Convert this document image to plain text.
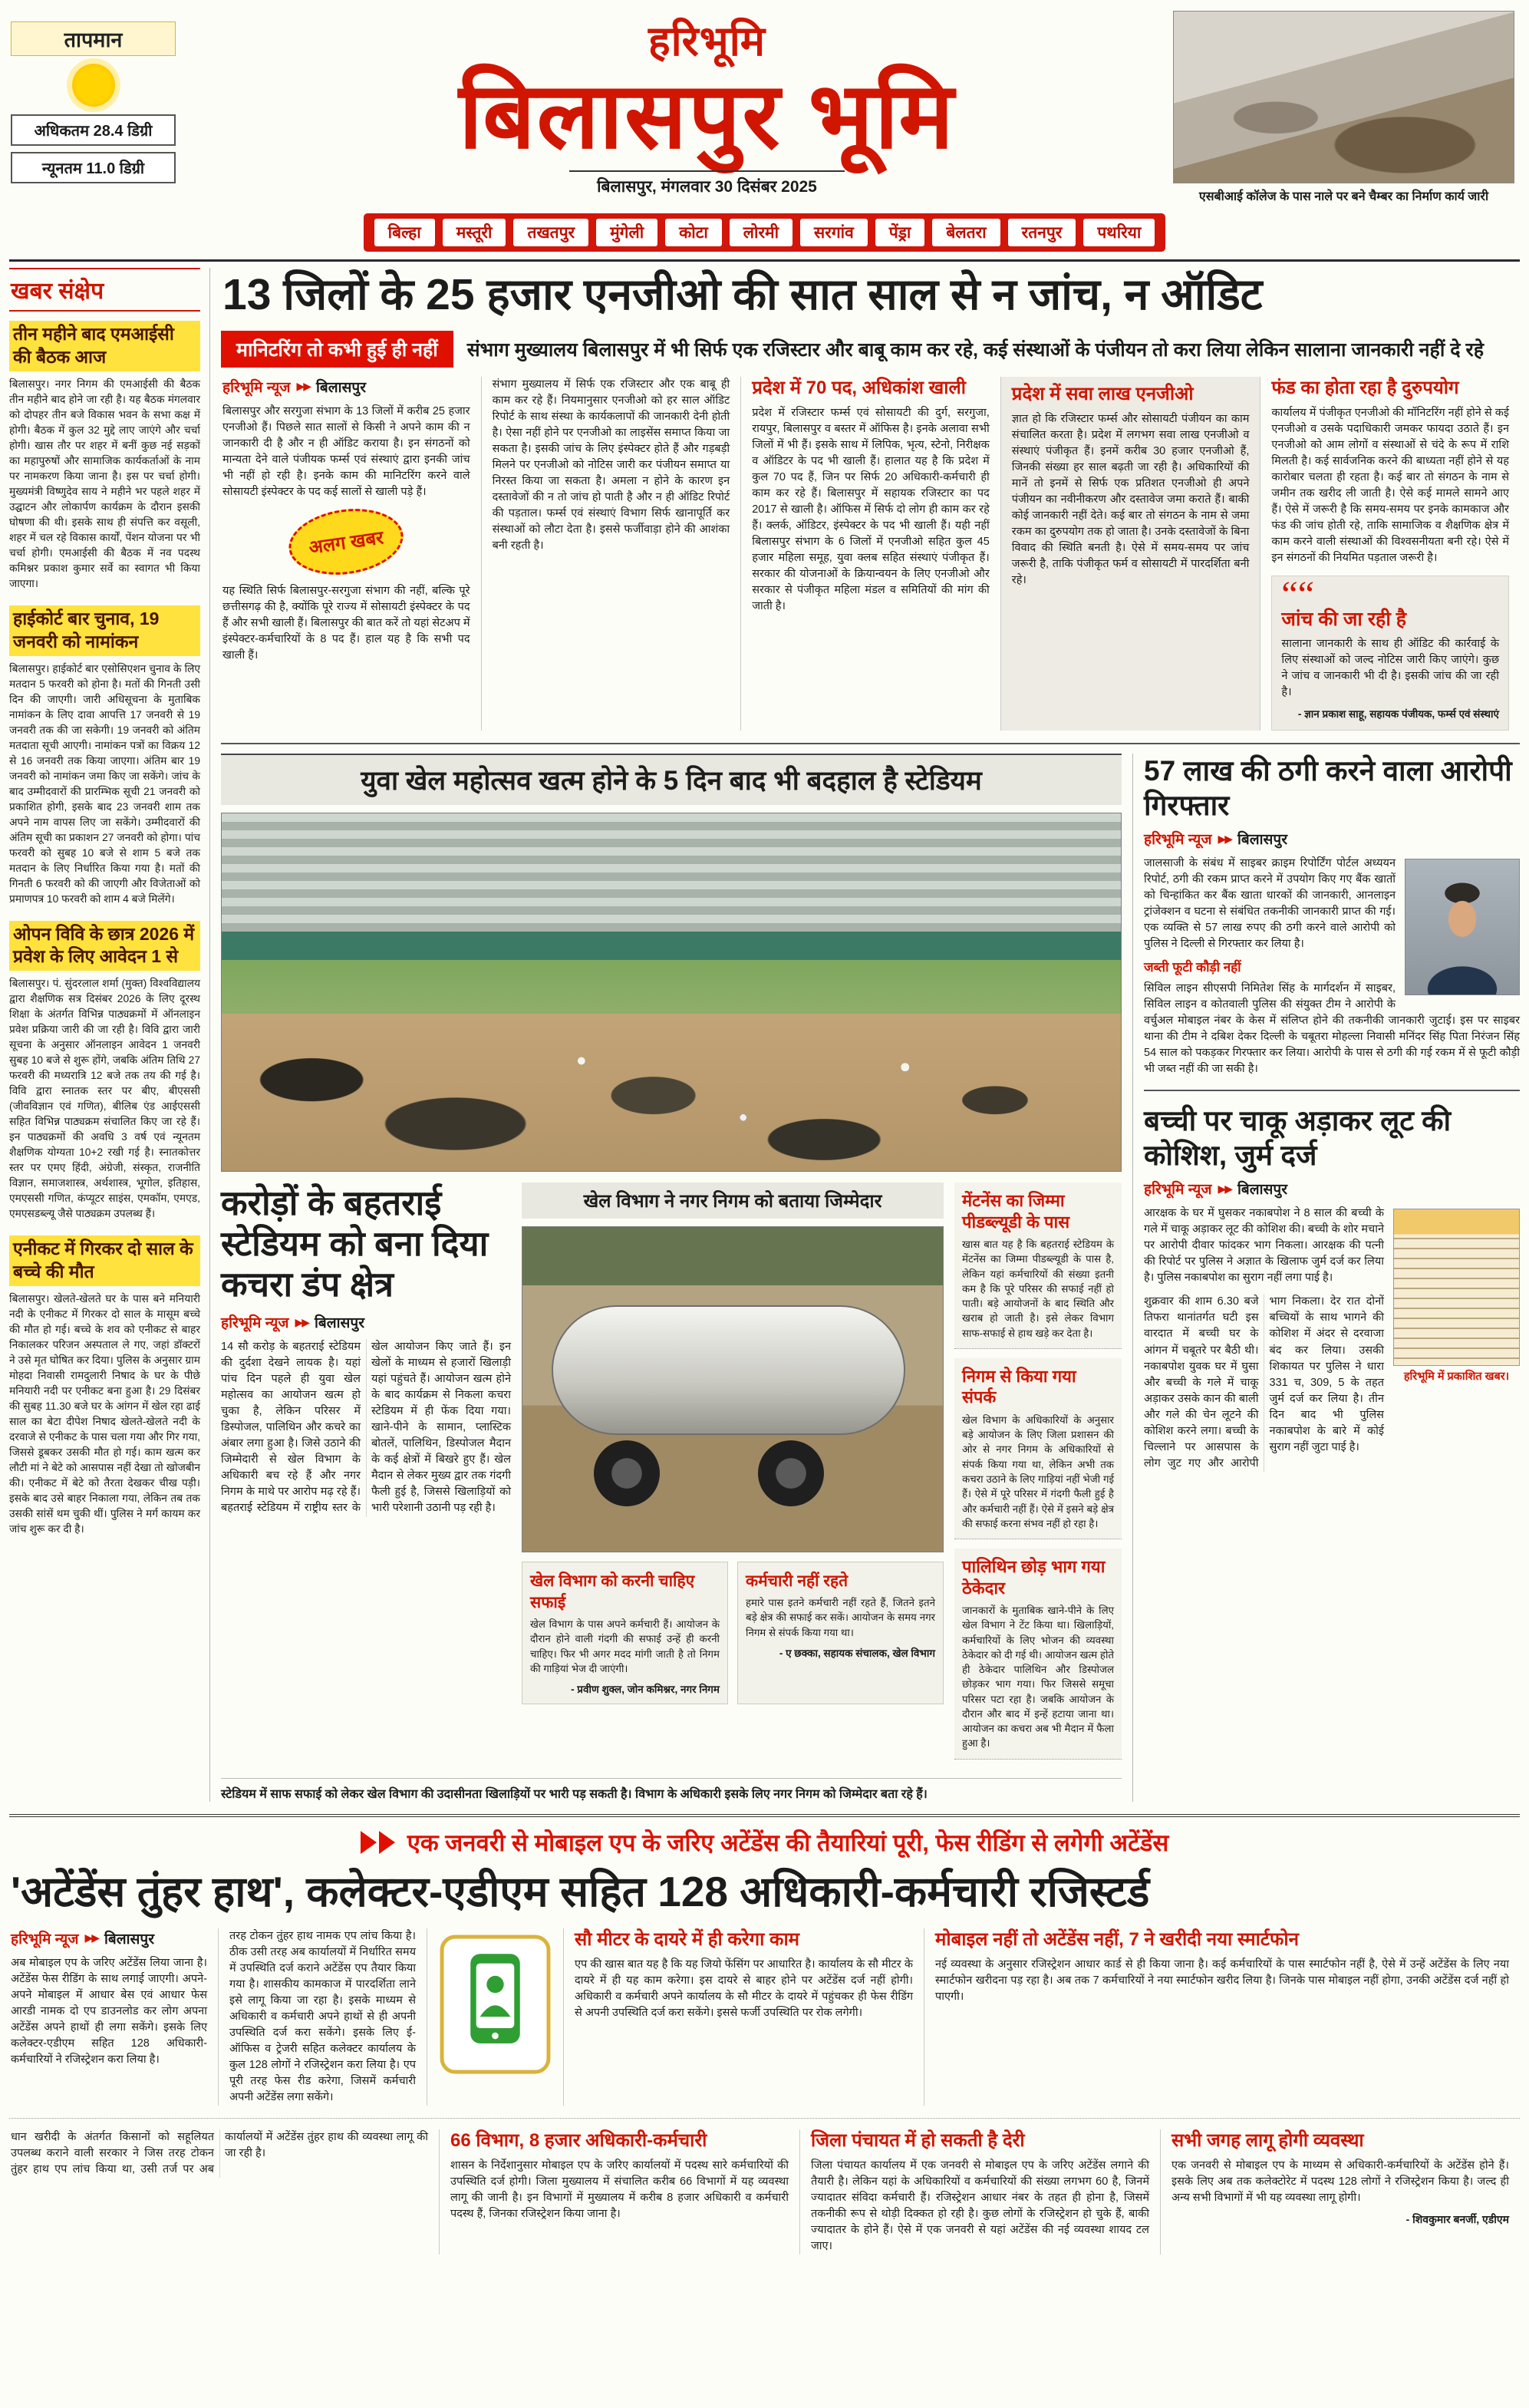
तापमान
अधिकतम 28.4 डिग्री
न्यूनतम 11.0 डिग्री
हरिभूमि
बिलासपुर भूमि
बिलासपुर, मंगलवार 30 दिसंबर 2025
एसबीआई कॉलेज के पास नाले पर बने चैम्बर का निर्माण कार्य जारी
बिल्हा	मस्तूरी	तखतपुर	मुंगेली	कोटा	लोरमी	सरगांव	पेंड्रा	बेलतरा	रतनपुर	पथरिया
खबर संक्षेप
तीन महीने बाद एमआईसी की बैठक आज

बिलासपुर। नगर निगम की एमआईसी की बैठक तीन महीने बाद होने जा रही है। यह बैठक मंगलवार को दोपहर तीन बजे विकास भवन के सभा कक्ष में होगी। बैठक में कुल 32 मुद्दे लाए जाएंगे और चर्चा होगी। खास तौर पर शहर में बनीं कुछ नई सड़कों का महापुरुषों और सामाजिक कार्यकर्ताओं के नाम पर नामकरण किया जाना है। इस पर चर्चा होगी। मुख्यमंत्री विष्णुदेव साय ने महीने भर पहले शहर में उद्घाटन और लोकार्पण कार्यक्रम के दौरान इसकी घोषणा की थी। इसके साथ ही संपत्ति कर वसूली, शहर में चल रहे विकास कार्यों, पेंशन योजना पर भी चर्चा होगी। एमआईसी की बैठक में नव पदस्थ कमिश्नर प्रकाश कुमार सर्वे का स्वागत भी किया जाएगा।

हाईकोर्ट बार चुनाव, 19 जनवरी को नामांकन

बिलासपुर। हाईकोर्ट बार एसोसिएशन चुनाव के लिए मतदान 5 फरवरी को होना है। मतों की गिनती उसी दिन की जाएगी। जारी अधिसूचना के मुताबिक नामांकन के लिए दावा आपत्ति 17 जनवरी से 19 जनवरी तक की जा सकेगी। 19 जनवरी को अंतिम मतदाता सूची आएगी। नामांकन पत्रों का विक्रय 12 से 16 जनवरी तक किया जाएगा। अंतिम बार 19 जनवरी को नामांकन जमा किए जा सकेंगे। जांच के बाद उम्मीदवारों की प्रारम्भिक सूची 21 जनवरी को प्रकाशित होगी, इसके बाद 23 जनवरी शाम तक अपने नाम वापस लिए जा सकेंगे। उम्मीदवारों की अंतिम सूची का प्रकाशन 27 जनवरी को होगा। पांच फरवरी को सुबह 10 बजे से शाम 5 बजे तक मतदान के लिए निर्धारित किया गया है। मतों की गिनती 6 फरवरी को की जाएगी और विजेताओं को प्रमाणपत्र 10 फरवरी को शाम 4 बजे मिलेंगे।

ओपन विवि के छात्र 2026 में प्रवेश के लिए आवेदन 1 से

बिलासपुर। पं. सुंदरलाल शर्मा (मुक्त) विश्वविद्यालय द्वारा शैक्षणिक सत्र दिसंबर 2026 के लिए दूरस्थ शिक्षा के अंतर्गत विभिन्न पाठ्यक्रमों में ऑनलाइन प्रवेश प्रक्रिया जारी की जा रही है। विवि द्वारा जारी सूचना के अनुसार ऑनलाइन आवेदन 1 जनवरी सुबह 10 बजे से शुरू होंगे, जबकि अंतिम तिथि 27 फरवरी की मध्यरात्रि 12 बजे तक तय की गई है। विवि द्वारा स्नातक स्तर पर बीए, बीएससी (जीवविज्ञान एवं गणित), बीलिब एंड आईएससी सहित विभिन्न पाठ्यक्रम संचालित किए जा रहे हैं। इन पाठ्यक्रमों की अवधि 3 वर्ष एवं न्यूनतम शैक्षणिक योग्यता 10+2 रखी गई है। स्नातकोत्तर स्तर पर एमए हिंदी, अंग्रेजी, संस्कृत, राजनीति विज्ञान, समाजशास्त्र, अर्थशास्त्र, भूगोल, इतिहास, एमएससी गणित, कंप्यूटर साइंस, एमकॉम, एमएड, एमएसडब्ल्यू जैसे पाठ्यक्रम उपलब्ध हैं।

एनीकट में गिरकर दो साल के बच्चे की मौत

बिलासपुर। खेलते-खेलते घर के पास बने मनियारी नदी के एनीकट में गिरकर दो साल के मासूम बच्चे की मौत हो गई। बच्चे के शव को एनीकट से बाहर निकालकर परिजन अस्पताल ले गए, जहां डॉक्टरों ने उसे मृत घोषित कर दिया। पुलिस के अनुसार ग्राम मोहदा निवासी रामदुलारी निषाद के घर के पीछे मनियारी नदी पर एनीकट बना हुआ है। 29 दिसंबर की सुबह 11.30 बजे घर के आंगन में खेल रहा ढाई साल का बेटा दीपेश निषाद खेलते-खेलते नदी के दरवाजे से एनीकट के पास चला गया और गिर गया, जिससे डूबकर उसकी मौत हो गई। काम खत्म कर लौटी मां ने बेटे को आसपास नहीं देखा तो खोजबीन की। एनीकट में बेटे को तैरता देखकर चीख पड़ी। इसके बाद उसे बाहर निकाला गया, लेकिन तब तक उसकी सांसें थम चुकी थीं। पुलिस ने मर्ग कायम कर जांच शुरू कर दी है।

13 जिलों के 25 हजार एनजीओ की सात साल से न जांच, न ऑडिट
मानिटरिंग तो कभी हुई ही नहीं	संभाग मुख्यालय बिलासपुर में भी सिर्फ एक रजिस्टार और बाबू काम कर रहे, कई संस्थाओं के पंजीयन तो करा लिया लेकिन सालाना जानकारी नहीं दे रहे
हरिभूमि न्यूज ▶▶ बिलासपुर

बिलासपुर और सरगुजा संभाग के 13 जिलों में करीब 25 हजार एनजीओ हैं। पिछले सात सालों से किसी ने अपने काम की न जानकारी दी है और न ही ऑडिट कराया है। इन संगठनों को मान्यता देने वाले पंजीयक फर्म्स एवं संस्थाएं द्वारा इनकी जांच भी नहीं हो रही है। इनके काम की मानिटरिंग करने वाले सोसायटी इंस्पेक्टर के पद कई सालों से खाली पड़े हैं।

अलग खबर

यह स्थिति सिर्फ बिलासपुर-सरगुजा संभाग की नहीं, बल्कि पूरे छत्तीसगढ़ की है, क्योंकि पूरे राज्य में सोसायटी इंस्पेक्टर के पद हैं और सभी खाली हैं। बिलासपुर की बात करें तो यहां सेटअप में इंस्पेक्टर-कर्मचारियों के 8 पद हैं। हाल यह है कि सभी पद खाली हैं।

संभाग मुख्यालय में सिर्फ एक रजिस्टार और एक बाबू ही काम कर रहे हैं। नियमानुसार एनजीओ को हर साल ऑडिट रिपोर्ट के साथ संस्था के कार्यकलापों की जानकारी देनी होती है। ऐसा नहीं होने पर एनजीओ का लाइसेंस समाप्त किया जा सकता है। इसकी जांच के लिए इंस्पेक्टर होते हैं और गड़बड़ी मिलने पर एनजीओ को नोटिस जारी कर पंजीयन समाप्त या निरस्त किया जा सकता है। अमला न होने के कारण इन दस्तावेजों की न तो जांच हो पाती है और न ही ऑडिट रिपोर्ट की पड़ताल। फर्म्स एवं संस्थाएं विभाग सिर्फ खानापूर्ति कर संस्थाओं को लौटा देता है। इससे फर्जीवाड़ा होने की आशंका बनी रहती है।

प्रदेश में 70 पद, अधिकांश खाली

प्रदेश में रजिस्टार फर्म्स एवं सोसायटी की दुर्ग, सरगुजा, रायपुर, बिलासपुर व बस्तर में ऑफिस है। इनके अलावा सभी जिलों में भी हैं। इसके साथ में लिपिक, भृत्य, स्टेनो, निरीक्षक व ऑडिटर के पद भी खाली हैं। हालात यह है कि प्रदेश में कुल 70 पद हैं, जिन पर सिर्फ 20 अधिकारी-कर्मचारी ही काम कर रहे हैं। बिलासपुर में सहायक रजिस्टार का पद 2017 से खाली है। ऑफिस में सिर्फ दो लोग ही काम कर रहे हैं। क्लर्क, ऑडिटर, इंस्पेक्टर के पद भी खाली हैं। यही नहीं बिलासपुर संभाग के 6 जिलों में एनजीओ सहित कुल 45 हजार महिला समूह, युवा क्लब सहित संस्थाएं पंजीकृत हैं। सरकार की योजनाओं के क्रियान्वयन के लिए एनजीओ और सरकार से पंजीकृत महिला मंडल व समितियों की मांग की जाती है।

प्रदेश में सवा लाख एनजीओ

ज्ञात हो कि रजिस्टार फर्म्स और सोसायटी पंजीयन का काम संचालित करता है। प्रदेश में लगभग सवा लाख एनजीओ व संस्थाएं पंजीकृत हैं। इनमें करीब 30 हजार एनजीओ हैं, जिनकी संख्या हर साल बढ़ती जा रही है। अधिकारियों की मानें तो इनमें से सिर्फ एक प्रतिशत एनजीओ ही अपने पंजीयन का नवीनीकरण और दस्तावेज जमा कराते हैं। बाकी कोई जानकारी नहीं देते। कई बार तो संगठन के नाम से जमा रकम का दुरुपयोग तक हो जाता है। उनके दस्तावेजों के बिना विवाद की स्थिति बनती है। ऐसे में समय-समय पर जांच जरूरी है, ताकि पंजीकृत फर्म व सोसायटी में पारदर्शिता बनी रहे।

फंड का होता रहा है दुरुपयोग

कार्यालय में पंजीकृत एनजीओ की मॉनिटरिंग नहीं होने से कई एनजीओ व उसके पदाधिकारी जमकर फायदा उठाते हैं। इन एनजीओ को आम लोगों व संस्थाओं से चंदे के रूप में राशि मिलती है। कई सार्वजनिक करने की बाध्यता नहीं होने से यह कारोबार चलता ही रहता है। कई बार तो संगठन के नाम से जमीन तक खरीद ली जाती है। ऐसे कई मामले सामने आए हैं। ऐसे में जरूरी है कि समय-समय पर इनके कामकाज और फंड की जांच होती रहे, ताकि सामाजिक व शैक्षणिक क्षेत्र में काम करने वाली संस्थाओं की विश्वसनीयता बनी रहे। ऐसे में इन संगठनों की नियमित पड़ताल जरूरी है।

““
जांच की जा रही है

सालाना जानकारी के साथ ही ऑडिट की कार्रवाई के लिए संस्थाओं को जल्द नोटिस जारी किए जाएंगे। कुछ ने जांच व जानकारी भी दी है। इसकी जांच की जा रही है।

- ज्ञान प्रकाश साहू, सहायक पंजीयक, फर्म्स एवं संस्थाएं
युवा खेल महोत्सव खत्म होने के 5 दिन बाद भी बदहाल है स्टेडियम
करोड़ों के बहतराई स्टेडियम को बना दिया कचरा डंप क्षेत्र
हरिभूमि न्यूज ▶▶ बिलासपुर

14 सौ करोड़ के बहतराई स्टेडियम की दुर्दशा देखने लायक है। यहां पांच दिन पहले ही युवा खेल महोत्सव का आयोजन खत्म हो चुका है, लेकिन परिसर में डिस्पोजल, पालिथिन और कचरे का अंबार लगा हुआ है। जिसे उठाने की जिम्मेदारी से खेल विभाग के अधिकारी बच रहे हैं और नगर निगम के माथे पर आरोप मढ़ रहे हैं। बहतराई स्टेडियम में राष्ट्रीय स्तर के खेल आयोजन किए जाते हैं। इन खेलों के माध्यम से हजारों खिलाड़ी यहां पहुंचते हैं। आयोजन खत्म होने के बाद कार्यक्रम से निकला कचरा स्टेडियम में ही फेंक दिया गया। खाने-पीने के सामान, प्लास्टिक बोतलें, पालिथिन, डिस्पोजल मैदान के कई क्षेत्रों में बिखरे हुए हैं। खेल मैदान से लेकर मुख्य द्वार तक गंदगी फैली हुई है, जिससे खिलाड़ियों को भारी परेशानी उठानी पड़ रही है।

खेल विभाग ने नगर निगम को बताया जिम्मेदार
खेल विभाग को करनी चाहिए सफाई

खेल विभाग के पास अपने कर्मचारी हैं। आयोजन के दौरान होने वाली गंदगी की सफाई उन्हें ही करनी चाहिए। फिर भी अगर मदद मांगी जाती है तो निगम की गाड़ियां भेज दी जाएंगी।

- प्रवीण शुक्ल, जोन कमिश्नर, नगर निगम
कर्मचारी नहीं रहते

हमारे पास इतने कर्मचारी नहीं रहते हैं, जितने इतने बड़े क्षेत्र की सफाई कर सकें। आयोजन के समय नगर निगम से संपर्क किया गया था।

- ए छक्का, सहायक संचालक, खेल विभाग
मेंटनेंस का जिम्मा पीडब्ल्यूडी के पास

खास बात यह है कि बहतराई स्टेडियम के मेंटनेंस का जिम्मा पीडब्ल्यूडी के पास है, लेकिन यहां कर्मचारियों की संख्या इतनी कम है कि पूरे परिसर की सफाई नहीं हो पाती। बड़े आयोजनों के बाद स्थिति और खराब हो जाती है। इसे लेकर विभाग साफ-सफाई से हाथ खड़े कर देता है।

निगम से किया गया संपर्क

खेल विभाग के अधिकारियों के अनुसार बड़े आयोजन के लिए जिला प्रशासन की ओर से नगर निगम के अधिकारियों से संपर्क किया गया था, लेकिन अभी तक कचरा उठाने के लिए गाड़ियां नहीं भेजी गई हैं। ऐसे में पूरे परिसर में गंदगी फैली हुई है और कर्मचारी नहीं हैं। ऐसे में इसने बड़े क्षेत्र की सफाई करना संभव नहीं हो रहा है।

पालिथिन छोड़ भाग गया ठेकेदार

जानकारों के मुताबिक खाने-पीने के लिए खेल विभाग ने टेंट किया था। खिलाड़ियों, कर्मचारियों के लिए भोजन की व्यवस्था ठेकेदार को दी गई थी। आयोजन खत्म होते ही ठेकेदार पालिथिन और डिस्पोजल छोड़कर भाग गया। फिर जिससे समूचा परिसर पटा रहा है। जबकि आयोजन के दौरान और बाद में इन्हें हटाया जाना था। आयोजन का कचरा अब भी मैदान में फैला हुआ है।

स्टेडियम में साफ सफाई को लेकर खेल विभाग की उदासीनता खिलाड़ियों पर भारी पड़ सकती है। विभाग के अधिकारी इसके लिए नगर निगम को जिम्मेदार बता रहे हैं।

57 लाख की ठगी करने वाला आरोपी गिरफ्तार
हरिभूमि न्यूज ▶▶ बिलासपुर
जालसाजी के संबंध में साइबर क्राइम रिपोर्टिंग पोर्टल अध्ययन रिपोर्ट, ठगी की रकम प्राप्त करने में उपयोग किए गए बैंक खातों को चिन्हांकित कर बैंक खाता धारकों की जानकारी, आनलाइन ट्रांजेक्शन व घटना से संबंधित तकनीकी जानकारी प्राप्त की गई। एक व्यक्ति से 57 लाख रुपए की ठगी करने वाले आरोपी को पुलिस ने दिल्ली से गिरफ्तार कर लिया है।
जब्ती फूटी कौड़ी नहीं
सिविल लाइन सीएसपी निमितेश सिंह के मार्गदर्शन में साइबर, सिविल लाइन व कोतवाली पुलिस की संयुक्त टीम ने आरोपी के वर्चुअल मोबाइल नंबर के केस में संलिप्त होने की तकनीकी जानकारी जुटाई। इस पर साइबर थाना की टीम ने दबिश देकर दिल्ली के चबूतरा मोहल्ला निवासी मनिंदर सिंह पिता निरंजन सिंह 54 साल को पकड़कर गिरफ्तार कर लिया। आरोपी के पास से ठगी की गई रकम में से फूटी कौड़ी भी जब्त नहीं की जा सकी है।
बच्ची पर चाकू अड़ाकर लूट की कोशिश, जुर्म दर्ज
हरिभूमि न्यूज ▶▶ बिलासपुर
हरिभूमि में प्रकाशित खबर।
आरक्षक के घर में घुसकर नकाबपोश ने 8 साल की बच्ची के गले में चाकू अड़ाकर लूट की कोशिश की। बच्ची के शोर मचाने पर आरोपी दीवार फांदकर भाग निकला। आरक्षक की पत्नी की रिपोर्ट पर पुलिस ने अज्ञात के खिलाफ जुर्म दर्ज कर लिया है। पुलिस नकाबपोश का सुराग नहीं लगा पाई है।

शुक्रवार की शाम 6.30 बजे तिफरा थानांतर्गत घटी इस वारदात में बच्ची घर के आंगन में चबूतरे पर बैठी थी। नकाबपोश युवक घर में घुसा और बच्ची के गले में चाकू अड़ाकर उसके कान की बाली और गले की चेन लूटने की कोशिश करने लगा। बच्ची के चिल्लाने पर आसपास के लोग जुट गए और आरोपी भाग निकला। देर रात दोनों बच्चियों के साथ भागने की कोशिश में अंदर से दरवाजा बंद कर लिया। उसकी शिकायत पर पुलिस ने धारा 331 च, 309, 5 के तहत जुर्म दर्ज कर लिया है। तीन दिन बाद भी पुलिस नकाबपोश के बारे में कोई सुराग नहीं जुटा पाई है।

एक जनवरी से मोबाइल एप के जरिए अटेंडेंस की तैयारियां पूरी, फेस रीडिंग से लगेगी अटेंडेंस
'अटेंडेंस तुंहर हाथ', कलेक्टर-एडीएम सहित 128 अधिकारी-कर्मचारी रजिस्टर्ड
हरिभूमि न्यूज ▶▶ बिलासपुर

अब मोबाइल एप के जरिए अटेंडेंस लिया जाना है। अटेंडेंस फेस रीडिंग के साथ लगाई जाएगी। अपने-अपने मोबाइल में आधार बेस एवं आधार फेस आरडी नामक दो एप डाउनलोड कर लोग अपना अटेंडेंस अपने हाथों ही लगा सकेंगे। इसके लिए कलेक्टर-एडीएम सहित 128 अधिकारी-कर्मचारियों ने रजिस्ट्रेशन करा लिया है।

तरह टोकन तुंहर हाथ नामक एप लांच किया है। ठीक उसी तरह अब कार्यालयों में निर्धारित समय में उपस्थिति दर्ज कराने अटेंडेंस एप तैयार किया गया है। शासकीय कामकाज में पारदर्शिता लाने इसे लागू किया जा रहा है। इसके माध्यम से अधिकारी व कर्मचारी अपने हाथों से ही अपनी उपस्थिति दर्ज करा सकेंगे। इसके लिए ई-ऑफिस व ट्रेजरी सहित कलेक्टर कार्यालय के कुल 128 लोगों ने रजिस्ट्रेशन करा लिया है। एप पूरी तरह फेस रीड करेगा, जिसमें कर्मचारी अपनी अटेंडेंस लगा सकेंगे।

सौ मीटर के दायरे में ही करेगा काम

एप की खास बात यह है कि यह जियो फेंसिंग पर आधारित है। कार्यालय के सौ मीटर के दायरे में ही यह काम करेगा। इस दायरे से बाहर होने पर अटेंडेंस दर्ज नहीं होगी। अधिकारी व कर्मचारी अपने कार्यालय के सौ मीटर के दायरे में पहुंचकर ही फेस रीडिंग से अपनी उपस्थिति दर्ज करा सकेंगे। इससे फर्जी उपस्थिति पर रोक लगेगी।

मोबाइल नहीं तो अटेंडेंस नहीं, 7 ने खरीदी नया स्मार्टफोन

नई व्यवस्था के अनुसार रजिस्ट्रेशन आधार कार्ड से ही किया जाना है। कई कर्मचारियों के पास स्मार्टफोन नहीं है, ऐसे में उन्हें अटेंडेंस के लिए नया स्मार्टफोन खरीदना पड़ रहा है। अब तक 7 कर्मचारियों ने नया स्मार्टफोन खरीद लिया है। जिनके पास मोबाइल नहीं होगा, उनकी अटेंडेंस दर्ज नहीं हो पाएगी।

धान खरीदी के अंतर्गत किसानों को सहूलियत उपलब्ध कराने वाली सरकार ने जिस तरह टोकन तुंहर हाथ एप लांच किया था, उसी तर्ज पर अब कार्यालयों में अटेंडेंस तुंहर हाथ की व्यवस्था लागू की जा रही है।

66 विभाग, 8 हजार अधिकारी-कर्मचारी

शासन के निर्देशानुसार मोबाइल एप के जरिए कार्यालयों में पदस्थ सारे कर्मचारियों की उपस्थिति दर्ज होगी। जिला मुख्यालय में संचालित करीब 66 विभागों में यह व्यवस्था लागू की जानी है। इन विभागों में मुख्यालय में करीब 8 हजार अधिकारी व कर्मचारी पदस्थ हैं, जिनका रजिस्ट्रेशन किया जाना है।

जिला पंचायत में हो सकती है देरी

जिला पंचायत कार्यालय में एक जनवरी से मोबाइल एप के जरिए अटेंडेंस लगाने की तैयारी है। लेकिन यहां के अधिकारियों व कर्मचारियों की संख्या लगभग 60 है, जिनमें ज्यादातर संविदा कर्मचारी हैं। रजिस्ट्रेशन आधार नंबर के तहत ही होना है, जिसमें तकनीकी रूप से थोड़ी दिक्कत हो रही है। कुछ लोगों के रजिस्ट्रेशन हो चुके हैं, बाकी ज्यादातर के होने हैं। ऐसे में एक जनवरी से यहां अटेंडेंस की नई व्यवस्था शायद टल जाए।

सभी जगह लागू होगी व्यवस्था

एक जनवरी से मोबाइल एप के माध्यम से अधिकारी-कर्मचारियों के अटेंडेंस होने हैं। इसके लिए अब तक कलेक्टोरेट में पदस्थ 128 लोगों ने रजिस्ट्रेशन किया है। जल्द ही अन्य सभी विभागों में भी यह व्यवस्था लागू होगी।

- शिवकुमार बनर्जी, एडीएम
